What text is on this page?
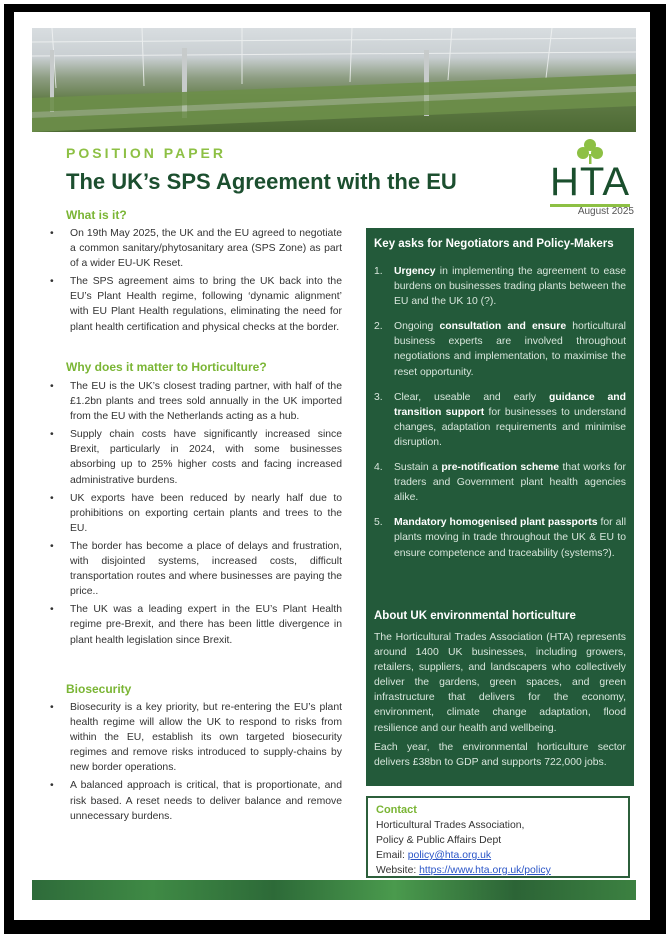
POSITION PAPER
The UK’s SPS Agreement with the EU HTA
August 2025
What is it?
• On 19th May 2025, the UK and the EU agreed to negotiate a common sanitary/phytosanitary area (SPS Zone) as part of a wider EU-UK Reset.
• The SPS agreement aims to bring the UK back into the EU’s Plant Health regime, following ‘dynamic alignment’ with EU Plant Health regulations, eliminating the need for plant health certification and physical checks at the border.
Why does it matter to Horticulture?
• The EU is the UK’s closest trading partner, with half of the £1.2bn plants and trees sold annually in the UK imported from the EU with the Netherlands acting as a hub.
• Supply chain costs have significantly increased since Brexit, particularly in 2024, with some businesses absorbing up to 25% higher costs and facing increased administrative burdens.
• UK exports have been reduced by nearly half due to prohibitions on exporting certain plants and trees to the EU.
• The border has become a place of delays and frustration, with disjointed systems, increased costs, difficult transportation routes and where businesses are paying the price..
• The UK was a leading expert in the EU’s Plant Health regime pre-Brexit, and there has been little divergence in plant health legislation since Brexit.
Biosecurity
• Biosecurity is a key priority, but re-entering the EU’s plant health regime will allow the UK to respond to risks from within the EU, establish its own targeted biosecurity regimes and remove risks introduced to supply-chains by new border operations.
• A balanced approach is critical, that is proportionate, and risk based. A reset needs to deliver balance and remove unnecessary burdens.
Key asks for Negotiators and Policy-Makers
1. Urgency in implementing the agreement to ease burdens on businesses trading plants between the EU and the UK 10 (?).
2. Ongoing consultation and ensure horticultural business experts are involved throughout negotiations and implementation, to maximise the reset opportunity.
3. Clear, useable and early guidance and transition support for businesses to understand changes, adaptation requirements and minimise disruption.
4. Sustain a pre-notification scheme that works for traders and Government plant health agencies alike.
5. Mandatory homogenised plant passports for all plants moving in trade throughout the UK & EU to ensure competence and traceability (systems?).
About UK environmental horticulture

The Horticultural Trades Association (HTA) represents around 1400 UK businesses, including growers, retailers, suppliers, and landscapers who collectively deliver the gardens, green spaces, and green infrastructure that delivers for the economy, environment, climate change adaptation, flood resilience and our health and wellbeing.

Each year, the environmental horticulture sector delivers £38bn to GDP and supports 722,000 jobs.

Contact
Horticultural Trades Association,
Policy & Public Affairs Dept
Email: policy@hta.org.uk
Website: https://www.hta.org.uk/policy
